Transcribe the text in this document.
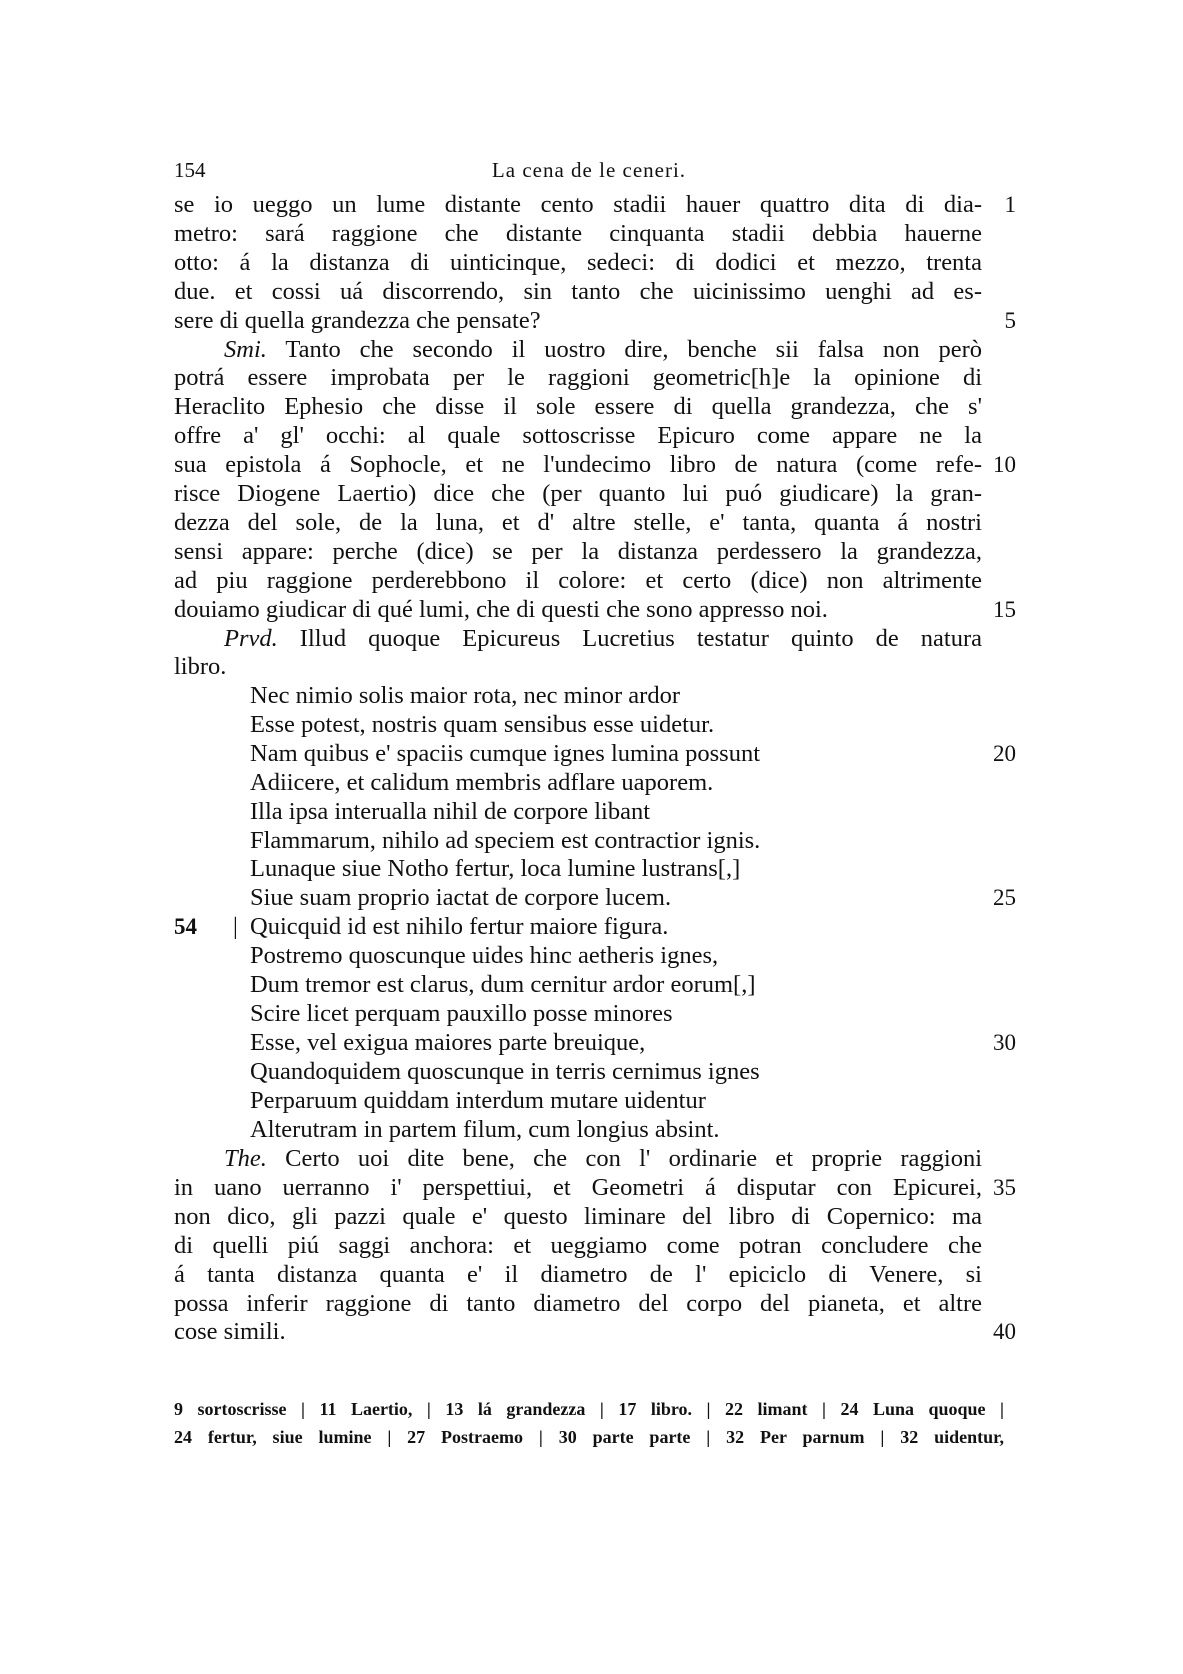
154	La cena de le ceneri.
se io ueggo un lume distante cento stadii hauer quattro dita di dia- 1
metro: sará raggione che distante cinquanta stadii debbia hauerne
otto: á la distanza di uinticinque, sedeci: di dodici et mezzo, trenta
due. et cossi uá discorrendo, sin tanto che uicinissimo uenghi ad es-
sere di quella grandezza che pensate?	5
Smi. Tanto che secondo il uostro dire, benche sii falsa non però
potrá essere improbata per le raggioni geometric[h]e la opinione di
Heraclito Ephesio che disse il sole essere di quella grandezza, che s'
offre a' gl' occhi: al quale sottoscrisse Epicuro come appare ne la
sua epistola á Sophocle, et ne l'undecimo libro de natura (come refe- 10
risce Diogene Laertio) dice che (per quanto lui puó giudicare) la gran-
dezza del sole, de la luna, et d' altre stelle, e' tanta, quanta á nostri
sensi appare: perche (dice) se per la distanza perdessero la grandezza,
ad piu raggione perderebbono il colore: et certo (dice) non altrimente
douiamo giudicar di qué lumi, che di questi che sono appresso noi.	15
Prvd. Illud quoque Epicureus Lucretius testatur quinto de natura
libro.
Nec nimio solis maior rota, nec minor ardor
Esse potest, nostris quam sensibus esse uidetur.
Nam quibus e' spaciis cumque ignes lumina possunt	20
Adiicere, et calidum membris adflare uaporem.
Illa ipsa interualla nihil de corpore libant
Flammarum, nihilo ad speciem est contractior ignis.
Lunaque siue Notho fertur, loca lumine lustrans[,]
Siue suam proprio iactat de corpore lucem.	25
Quicquid id est nihilo fertur maiore figura.
54 |
Postremo quoscunque uides hinc aetheris ignes,
Dum tremor est clarus, dum cernitur ardor eorum[,]
Scire licet perquam pauxillo posse minores
Esse, vel exigua maiores parte breuique,	30
Quandoquidem quoscunque in terris cernimus ignes
Perparuum quiddam interdum mutare uidentur
Alterutram in partem filum, cum longius absint.
The. Certo uoi dite bene, che con l' ordinarie et proprie raggioni
in uano uerranno i' perspettiui, et Geometri á disputar con Epicurei, 35
non dico, gli pazzi quale e' questo liminare del libro di Copernico: ma
di quelli piú saggi anchora: et ueggiamo come potran concludere che
á tanta distanza quanta e' il diametro de l' epiciclo di Venere, si
possa inferir raggione di tanto diametro del corpo del pianeta, et altre
cose simili.	40
9 sortoscrisse | 11 Laertio, | 13 lá grandezza | 17 libro. | 22 limant | 24 Luna quoque |
24 fertur, siue lumine | 27 Postraemo | 30 parte parte | 32 Per parnum | 32 uidentur,
